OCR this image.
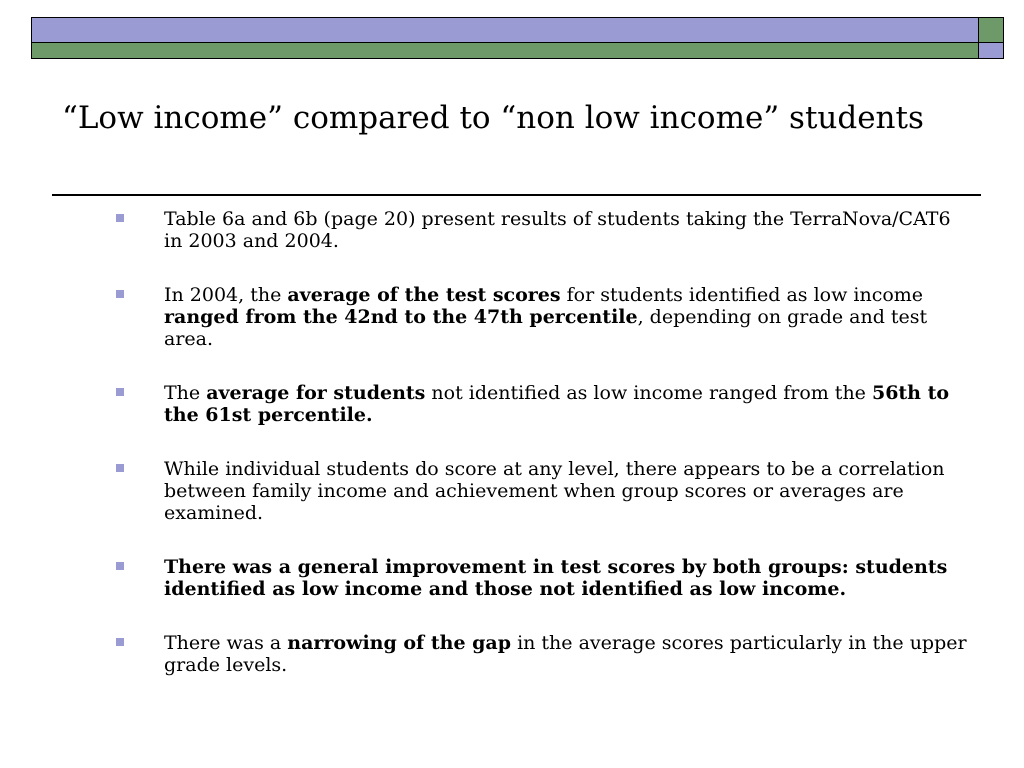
“Low income” compared to “non low income” students
Table 6a and 6b (page 20) present results of students taking the TerraNova/CAT6 in 2003 and 2004.
In 2004, the average of the test scores for students identified as low income ranged from the 42nd to the 47th percentile, depending on grade and test area.
The average for students not identified as low income ranged from the 56th to the 61st percentile.
While individual students do score at any level, there appears to be a correlation between family income and achievement when group scores or averages are examined.
There was a general improvement in test scores by both groups: students identified as low income and those not identified as low income.
There was a narrowing of the gap in the average scores particularly in the upper grade levels.
